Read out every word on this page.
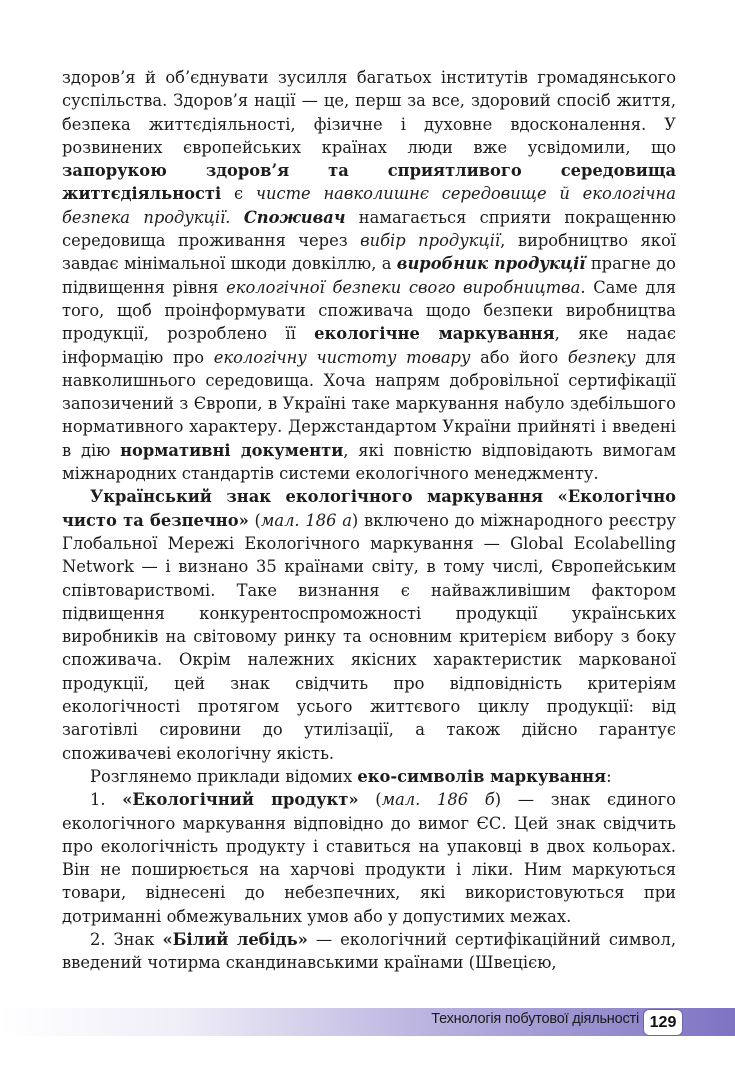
здоров’я й об’єднувати зусилля багатьох інститутів громадянського суспільства. Здоров’я нації — це, перш за все, здоровий спосіб життя, безпека життєдіяльності, фізичне і духовне вдосконалення. У розвинених європейських країнах люди вже усвідомили, що запорукою здоров’я та сприятливого середовища життєдіяльності є чисте навколишнє середовище й екологічна безпека продукції. Споживач намагається сприяти покращенню середовища проживання через вибір продукції, виробництво якої завдає мінімальної шкоди довкіллю, а виробник продукції прагне до підвищення рівня екологічної безпеки свого виробництва. Саме для того, щоб проінформувати споживача щодо безпеки виробництва продукції, розроблено її екологічне маркування, яке надає інформацію про екологічну чистоту товару або його безпеку для навколишнього середовища. Хоча напрям добровільної сертифікації запозичений з Європи, в Україні таке маркування набуло здебільшого нормативного характеру. Держстандартом України прийняті і введені в дію нормативні документи, які повністю відповідають вимогам міжнародних стандартів системи екологічного менеджменту.

Український знак екологічного маркування «Екологічно чисто та безпечно» (мал. 186 а) включено до міжнародного реєстру Глобальної Мережі Екологічного маркування — Global Ecolabelling Network — і визнано 35 країнами світу, в тому числі, Європейським співтовариствомі. Таке визнання є найважливішим фактором підвищення конкурентоспроможності продукції українських виробників на світовому ринку та основним критерієм вибору з боку споживача. Окрім належних якісних характеристик маркованої продукції, цей знак свідчить про відповідність критеріям екологічності протягом усього життєвого циклу продукції: від заготівлі сировини до утилізації, а також дійсно гарантує споживачеві екологічну якість.

Розглянемо приклади відомих еко-символів маркування:

1. «Екологічний продукт» (мал. 186 б) — знак єдиного екологічного маркування відповідно до вимог ЄС. Цей знак свідчить про екологічність продукту і ставиться на упаковці в двох кольорах. Він не поширюється на харчові продукти і ліки. Ним маркуються товари, віднесені до небезпечних, які використовуються при дотриманні обмежувальних умов або у допустимих межах.

2. Знак «Білий лебідь» — екологічний сертифікаційний символ, введений чотирма скандинавськими країнами (Швецією,

Технологія побутової діяльності 129
